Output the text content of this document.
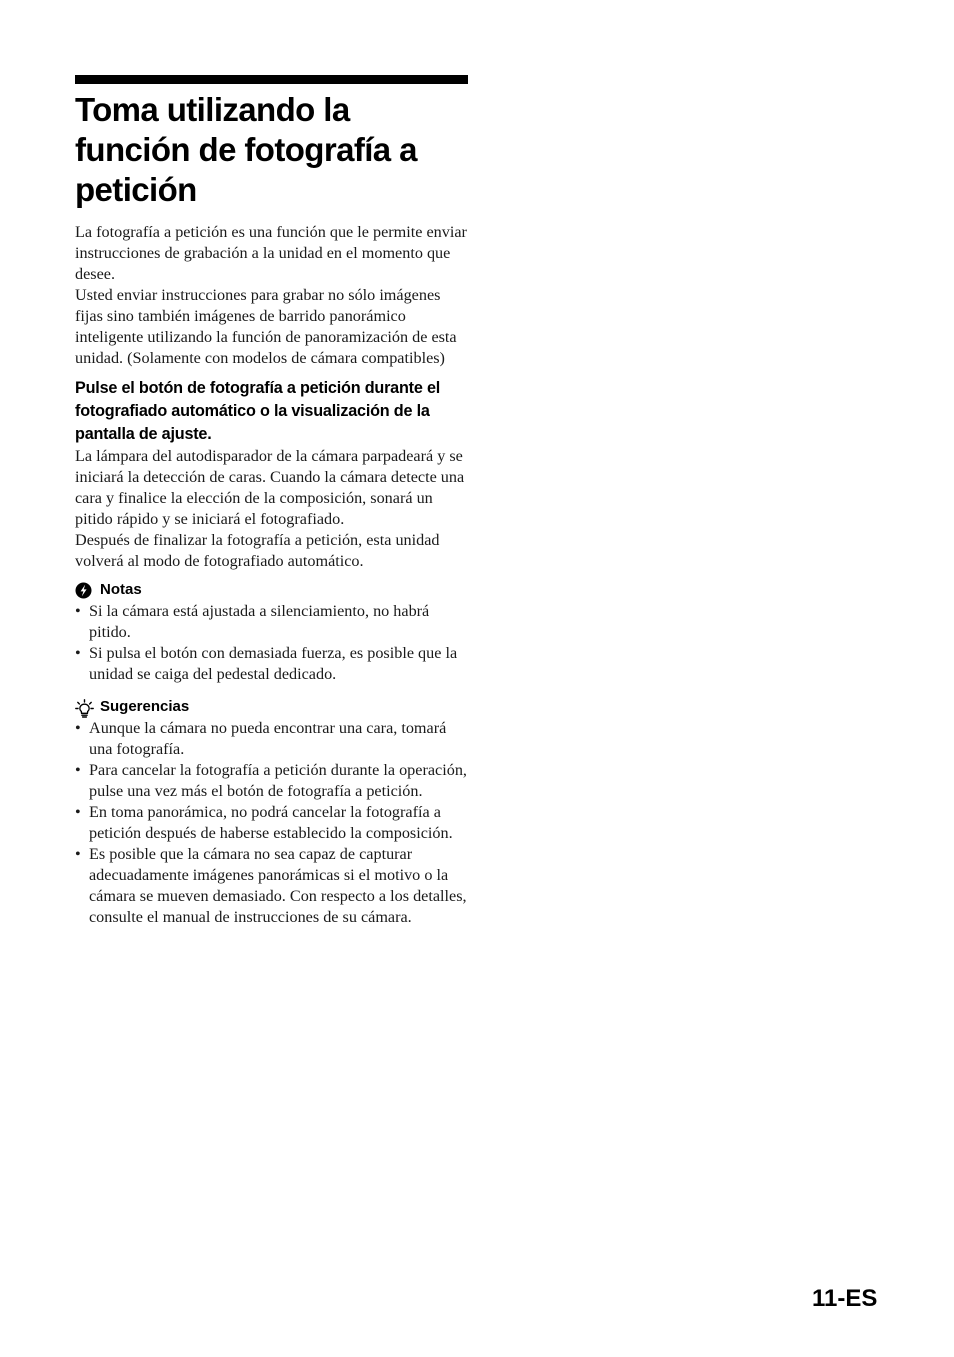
Toma utilizando la función de fotografía a petición

La fotografía a petición es una función que le permite enviar instrucciones de grabación a la unidad en el momento que desee.

Usted enviar instrucciones para grabar no sólo imágenes fijas sino también imágenes de barrido panorámico inteligente utilizando la función de panoramización de esta unidad. (Solamente con modelos de cámara compatibles)

Pulse el botón de fotografía a petición durante el fotografiado automático o la visualización de la pantalla de ajuste.

La lámpara del autodisparador de la cámara parpadeará y se iniciará la detección de caras. Cuando la cámara detecte una cara y finalice la elección de la composición, sonará un pitido rápido y se iniciará el fotografiado.

Después de finalizar la fotografía a petición, esta unidad volverá al modo de fotografiado automático.

Notas
• Si la cámara está ajustada a silenciamiento, no habrá pitido.
• Si pulsa el botón con demasiada fuerza, es posible que la unidad se caiga del pedestal dedicado.
Sugerencias
• Aunque la cámara no pueda encontrar una cara, tomará una fotografía.
• Para cancelar la fotografía a petición durante la operación, pulse una vez más el botón de fotografía a petición.
• En toma panorámica, no podrá cancelar la fotografía a petición después de haberse establecido la composición.
• Es posible que la cámara no sea capaz de capturar adecuadamente imágenes panorámicas si el motivo o la cámara se mueven demasiado. Con respecto a los detalles, consulte el manual de instrucciones de su cámara.
11-ES
